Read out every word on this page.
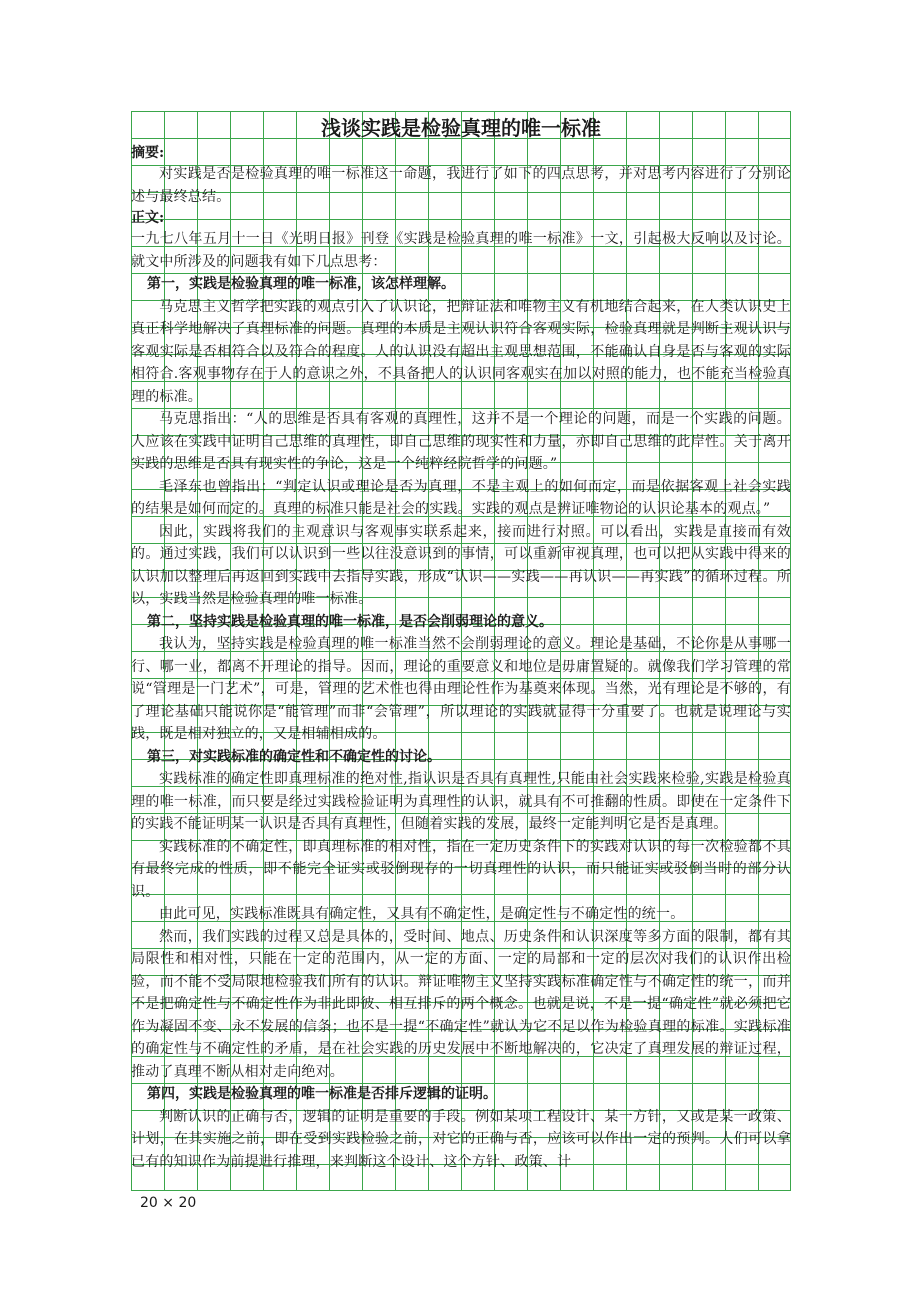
浅谈实践是检验真理的唯一标准

摘要:

对实践是否是检验真理的唯一标准这一命题，我进行了如下的四点思考，并对思考内容进行了分别论述与最终总结。

正文:

一九七八年五月十一日《光明日报》刊登《实践是检验真理的唯一标准》一文，引起极大反响以及讨论。就文中所涉及的问题我有如下几点思考：

第一，实践是检验真理的唯一标准，该怎样理解。

马克思主义哲学把实践的观点引入了认识论，把辩证法和唯物主义有机地结合起来，在人类认识史上真正科学地解决了真理标准的问题。真理的本质是主观认识符合客观实际，检验真理就是判断主观认识与客观实际是否相符合以及符合的程度。人的认识没有超出主观思想范围，不能确认自身是否与客观的实际相符合.客观事物存在于人的意识之外，不具备把人的认识同客观实在加以对照的能力，也不能充当检验真理的标准。

马克思指出：“人的思维是否具有客观的真理性，这并不是一个理论的问题，而是一个实践的问题。人应该在实践中证明自己思维的真理性，即自己思维的现实性和力量，亦即自己思维的此岸性。关于离开实践的思维是否具有现实性的争论，这是一个纯粹经院哲学的问题。”

毛泽东也曾指出：“判定认识或理论是否为真理，不是主观上的如何而定，而是依据客观上社会实践的结果是如何而定的。真理的标准只能是社会的实践。实践的观点是辨证唯物论的认识论基本的观点。”

因此，实践将我们的主观意识与客观事实联系起来，接而进行对照。可以看出，实践是直接而有效的。通过实践，我们可以认识到一些以往没意识到的事情，可以重新审视真理，也可以把从实践中得来的认识加以整理后再返回到实践中去指导实践，形成“认识——实践——再认识——再实践”的循环过程。所以，实践当然是检验真理的唯一标准。

第二，坚持实践是检验真理的唯一标准，是否会削弱理论的意义。

我认为，坚持实践是检验真理的唯一标准当然不会削弱理论的意义。理论是基础，不论你是从事哪一行、哪一业，都离不开理论的指导。因而，理论的重要意义和地位是毋庸置疑的。就像我们学习管理的常说“管理是一门艺术”，可是，管理的艺术性也得由理论性作为基奠来体现。当然，光有理论是不够的，有了理论基础只能说你是“能管理”而非“会管理”，所以理论的实践就显得十分重要了。也就是说理论与实践，既是相对独立的，又是相辅相成的。

第三，对实践标准的确定性和不确定性的讨论。

实践标准的确定性即真理标准的绝对性,指认识是否具有真理性,只能由社会实践来检验,实践是检验真理的唯一标准，而只要是经过实践检验证明为真理性的认识，就具有不可推翻的性质。即使在一定条件下的实践不能证明某一认识是否具有真理性，但随着实践的发展，最终一定能判明它是否是真理。

实践标准的不确定性，即真理标准的相对性，指在一定历史条件下的实践对认识的每一次检验都不具有最终完成的性质，即不能完全证实或驳倒现存的一切真理性的认识，而只能证实或驳倒当时的部分认识。

由此可见，实践标准既具有确定性，又具有不确定性，是确定性与不确定性的统一。

然而，我们实践的过程又总是具体的，受时间、地点、历史条件和认识深度等多方面的限制，都有其局限性和相对性，只能在一定的范围内，从一定的方面、一定的局部和一定的层次对我们的认识作出检验，而不能不受局限地检验我们所有的认识。辩证唯物主义坚持实践标准确定性与不确定性的统一，而并不是把确定性与不确定性作为非此即彼、相互排斥的两个概念。也就是说，不是一提“确定性”就必须把它作为凝固不变、永不发展的信条；也不是一提“不确定性”就认为它不足以作为检验真理的标准。实践标准的确定性与不确定性的矛盾，是在社会实践的历史发展中不断地解决的，它决定了真理发展的辩证过程，推动了真理不断从相对走向绝对。

第四，实践是检验真理的唯一标准是否排斥逻辑的证明。

判断认识的正确与否，逻辑的证明是重要的手段。例如某项工程设计、某一方针，又或是某一政策、计划，在其实施之前，即在受到实践检验之前，对它的正确与否，应该可以作出一定的预判。人们可以拿已有的知识作为前提进行推理，来判断这个设计、这个方针、政策、计

20 × 20
